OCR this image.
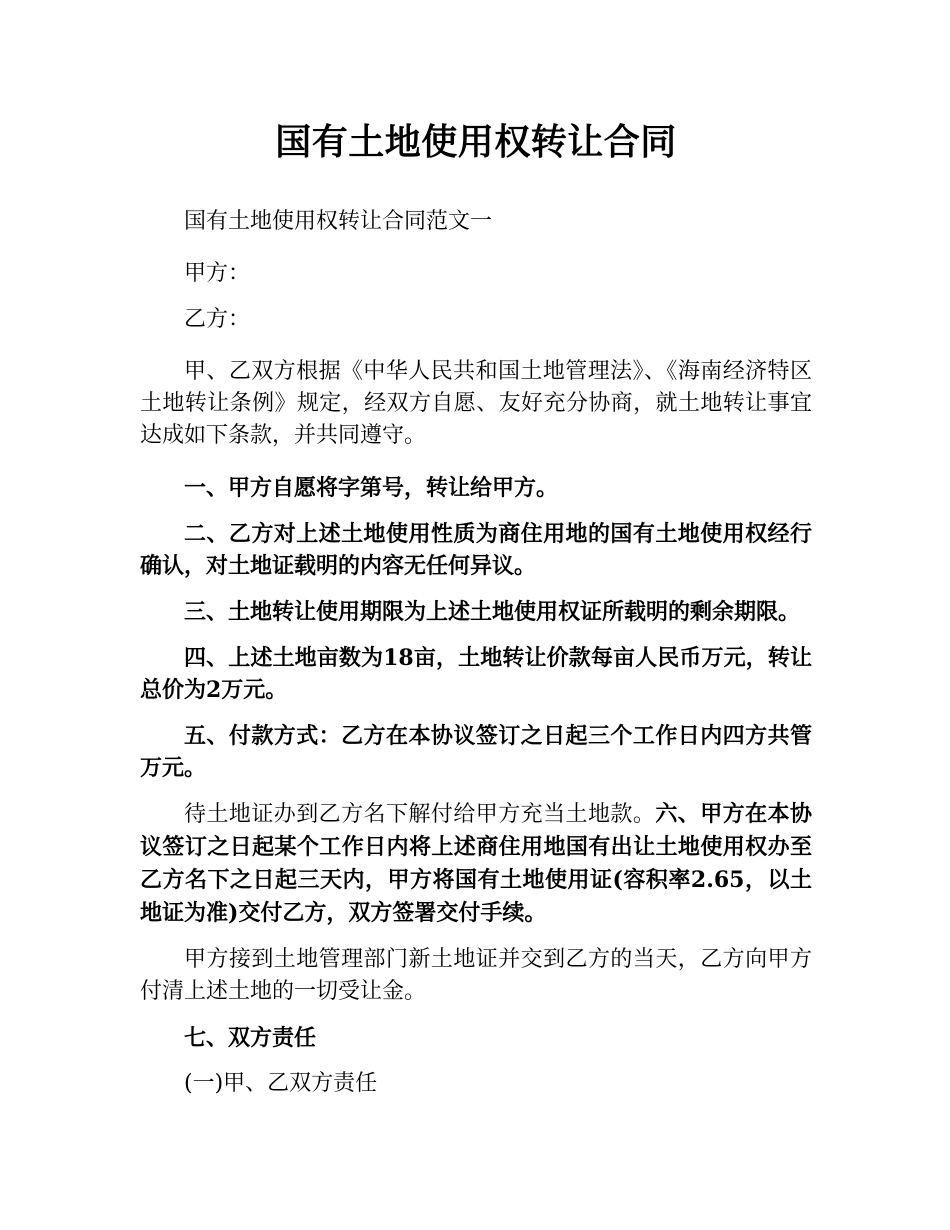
国有土地使用权转让合同

国有土地使用权转让合同范文一

甲方：

乙方：

甲、乙双方根据《中华人民共和国土地管理法》、《海南经济特区土地转让条例》规定，经双方自愿、友好充分协商，就土地转让事宜达成如下条款，并共同遵守。

一、甲方自愿将字第号，转让给甲方。

二、乙方对上述土地使用性质为商住用地的国有土地使用权经行确认，对土地证载明的内容无任何异议。

三、土地转让使用期限为上述土地使用权证所载明的剩余期限。

四、上述土地亩数为18亩，土地转让价款每亩人民币万元，转让总价为2万元。

五、付款方式：乙方在本协议签订之日起三个工作日内四方共管万元。

待土地证办到乙方名下解付给甲方充当土地款。六、甲方在本协议签订之日起某个工作日内将上述商住用地国有出让土地使用权办至乙方名下之日起三天内，甲方将国有土地使用证(容积率2.65，以土地证为准)交付乙方，双方签署交付手续。

甲方接到土地管理部门新土地证并交到乙方的当天，乙方向甲方付清上述土地的一切受让金。

七、双方责任

(一)甲、乙双方责任
